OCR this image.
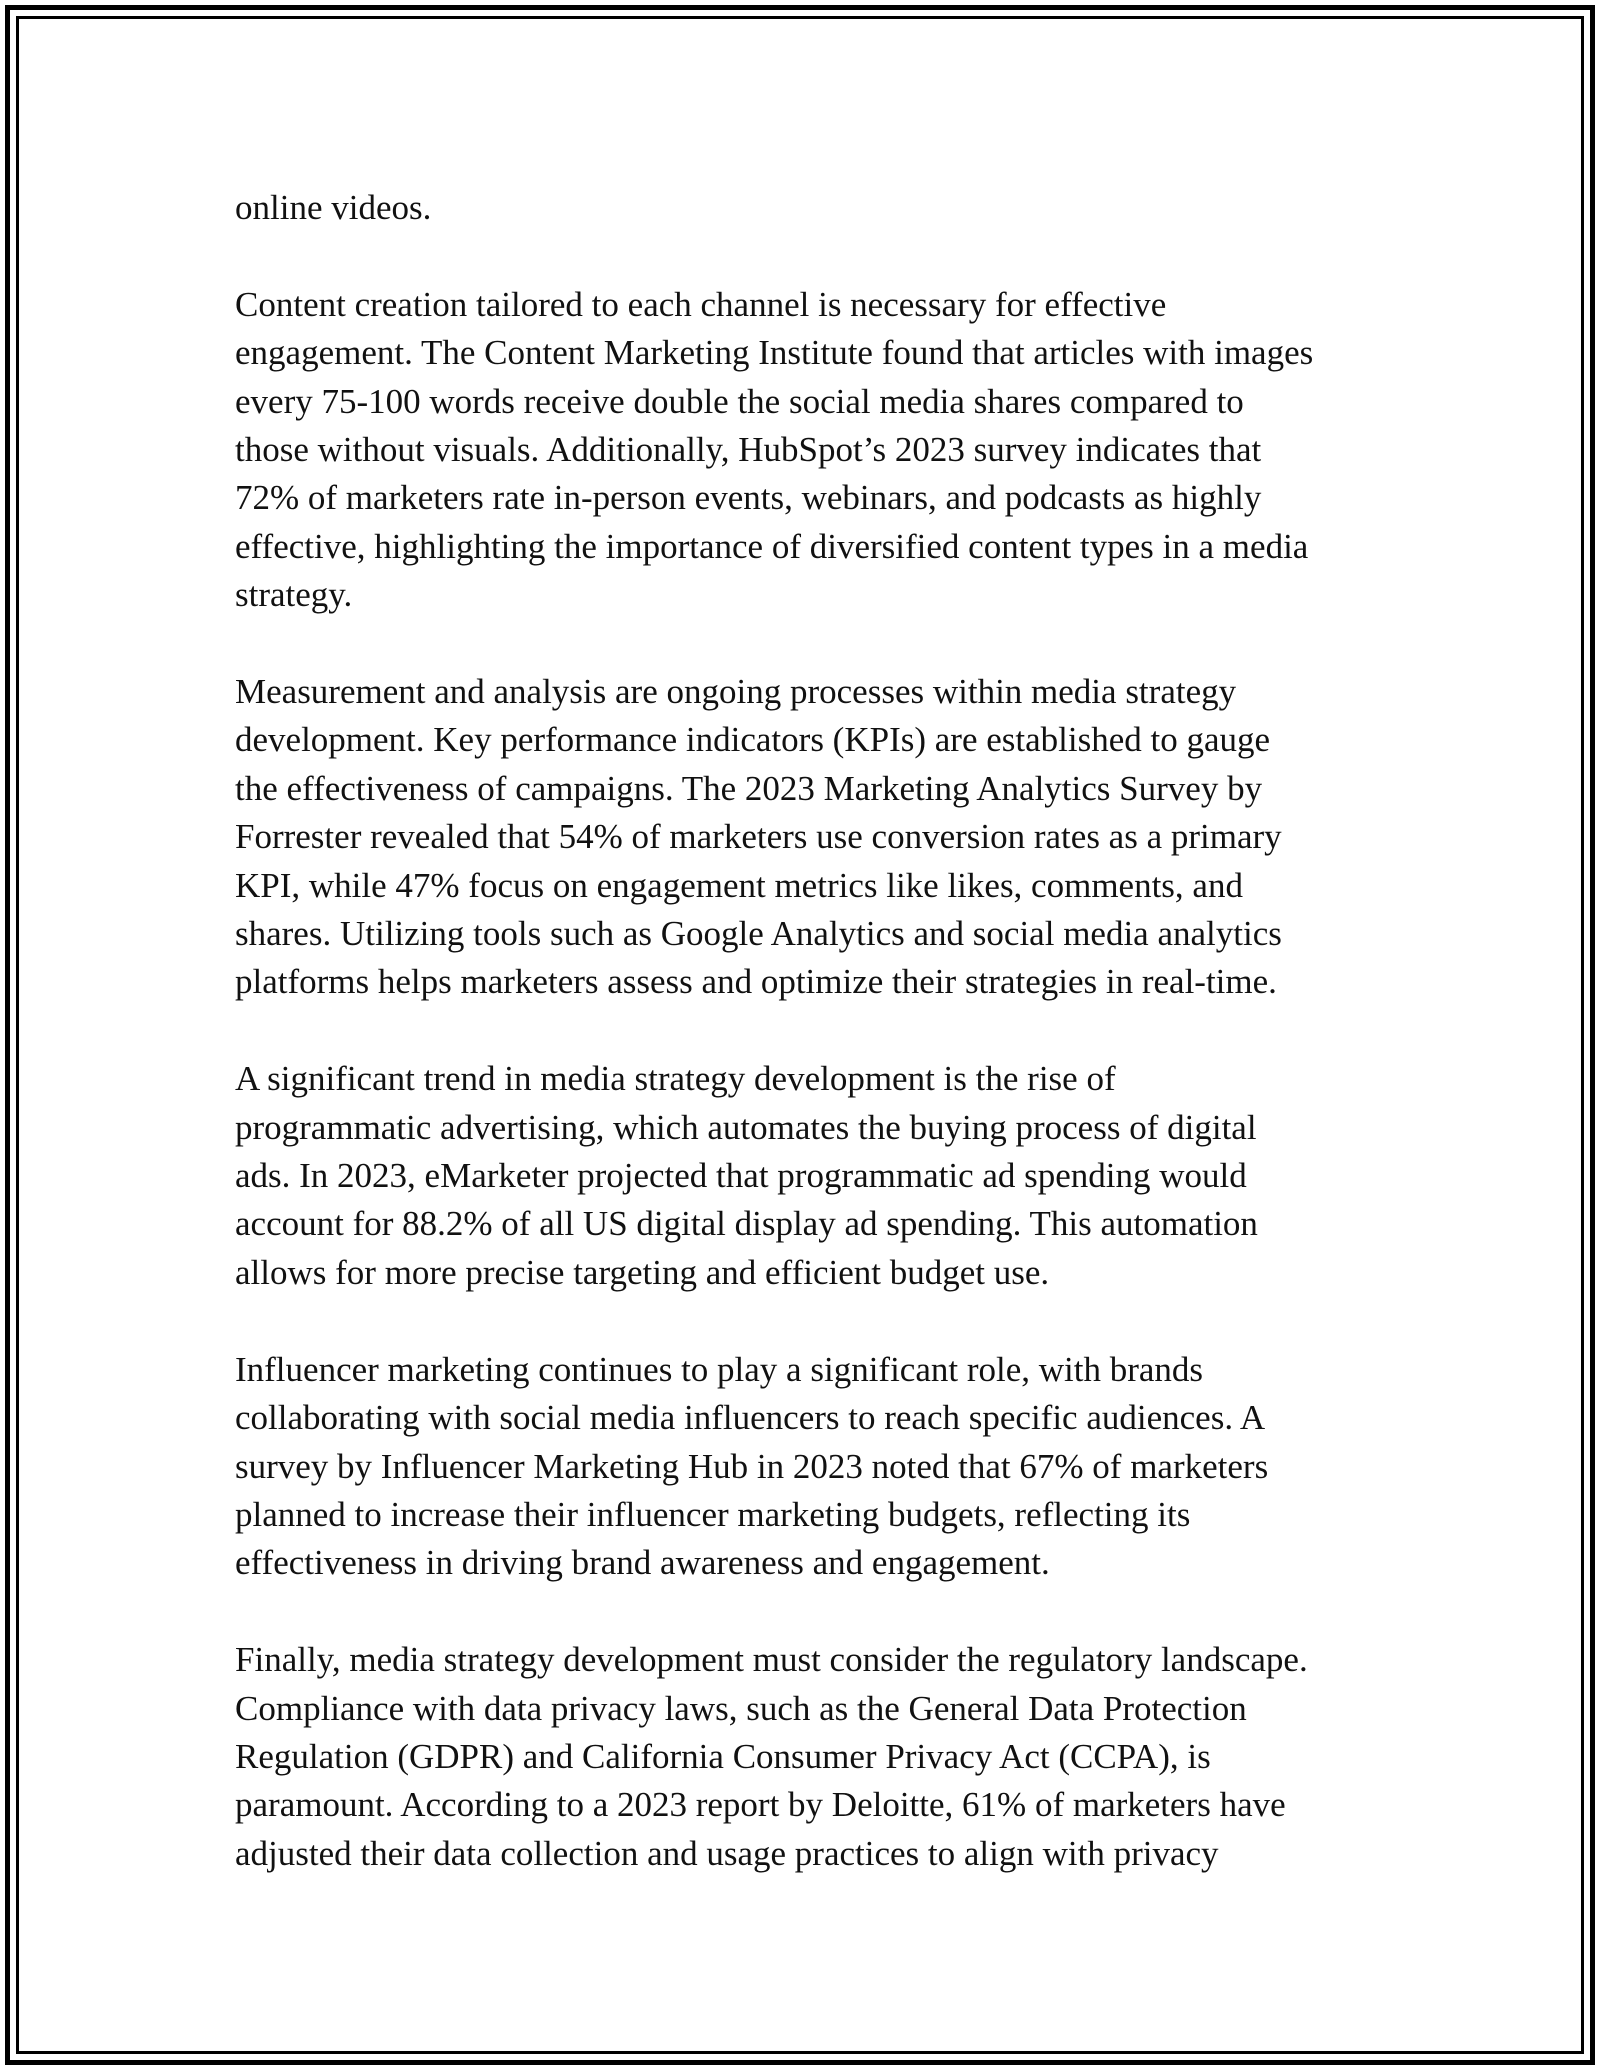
online videos.
Content creation tailored to each channel is necessary for effective
engagement. The Content Marketing Institute found that articles with images
every 75-100 words receive double the social media shares compared to
those without visuals. Additionally, HubSpot’s 2023 survey indicates that
72% of marketers rate in-person events, webinars, and podcasts as highly
effective, highlighting the importance of diversified content types in a media
strategy.
Measurement and analysis are ongoing processes within media strategy
development. Key performance indicators (KPIs) are established to gauge
the effectiveness of campaigns. The 2023 Marketing Analytics Survey by
Forrester revealed that 54% of marketers use conversion rates as a primary
KPI, while 47% focus on engagement metrics like likes, comments, and
shares. Utilizing tools such as Google Analytics and social media analytics
platforms helps marketers assess and optimize their strategies in real-time.
A significant trend in media strategy development is the rise of
programmatic advertising, which automates the buying process of digital
ads. In 2023, eMarketer projected that programmatic ad spending would
account for 88.2% of all US digital display ad spending. This automation
allows for more precise targeting and efficient budget use.
Influencer marketing continues to play a significant role, with brands
collaborating with social media influencers to reach specific audiences. A
survey by Influencer Marketing Hub in 2023 noted that 67% of marketers
planned to increase their influencer marketing budgets, reflecting its
effectiveness in driving brand awareness and engagement.
Finally, media strategy development must consider the regulatory landscape.
Compliance with data privacy laws, such as the General Data Protection
Regulation (GDPR) and California Consumer Privacy Act (CCPA), is
paramount. According to a 2023 report by Deloitte, 61% of marketers have
adjusted their data collection and usage practices to align with privacy
